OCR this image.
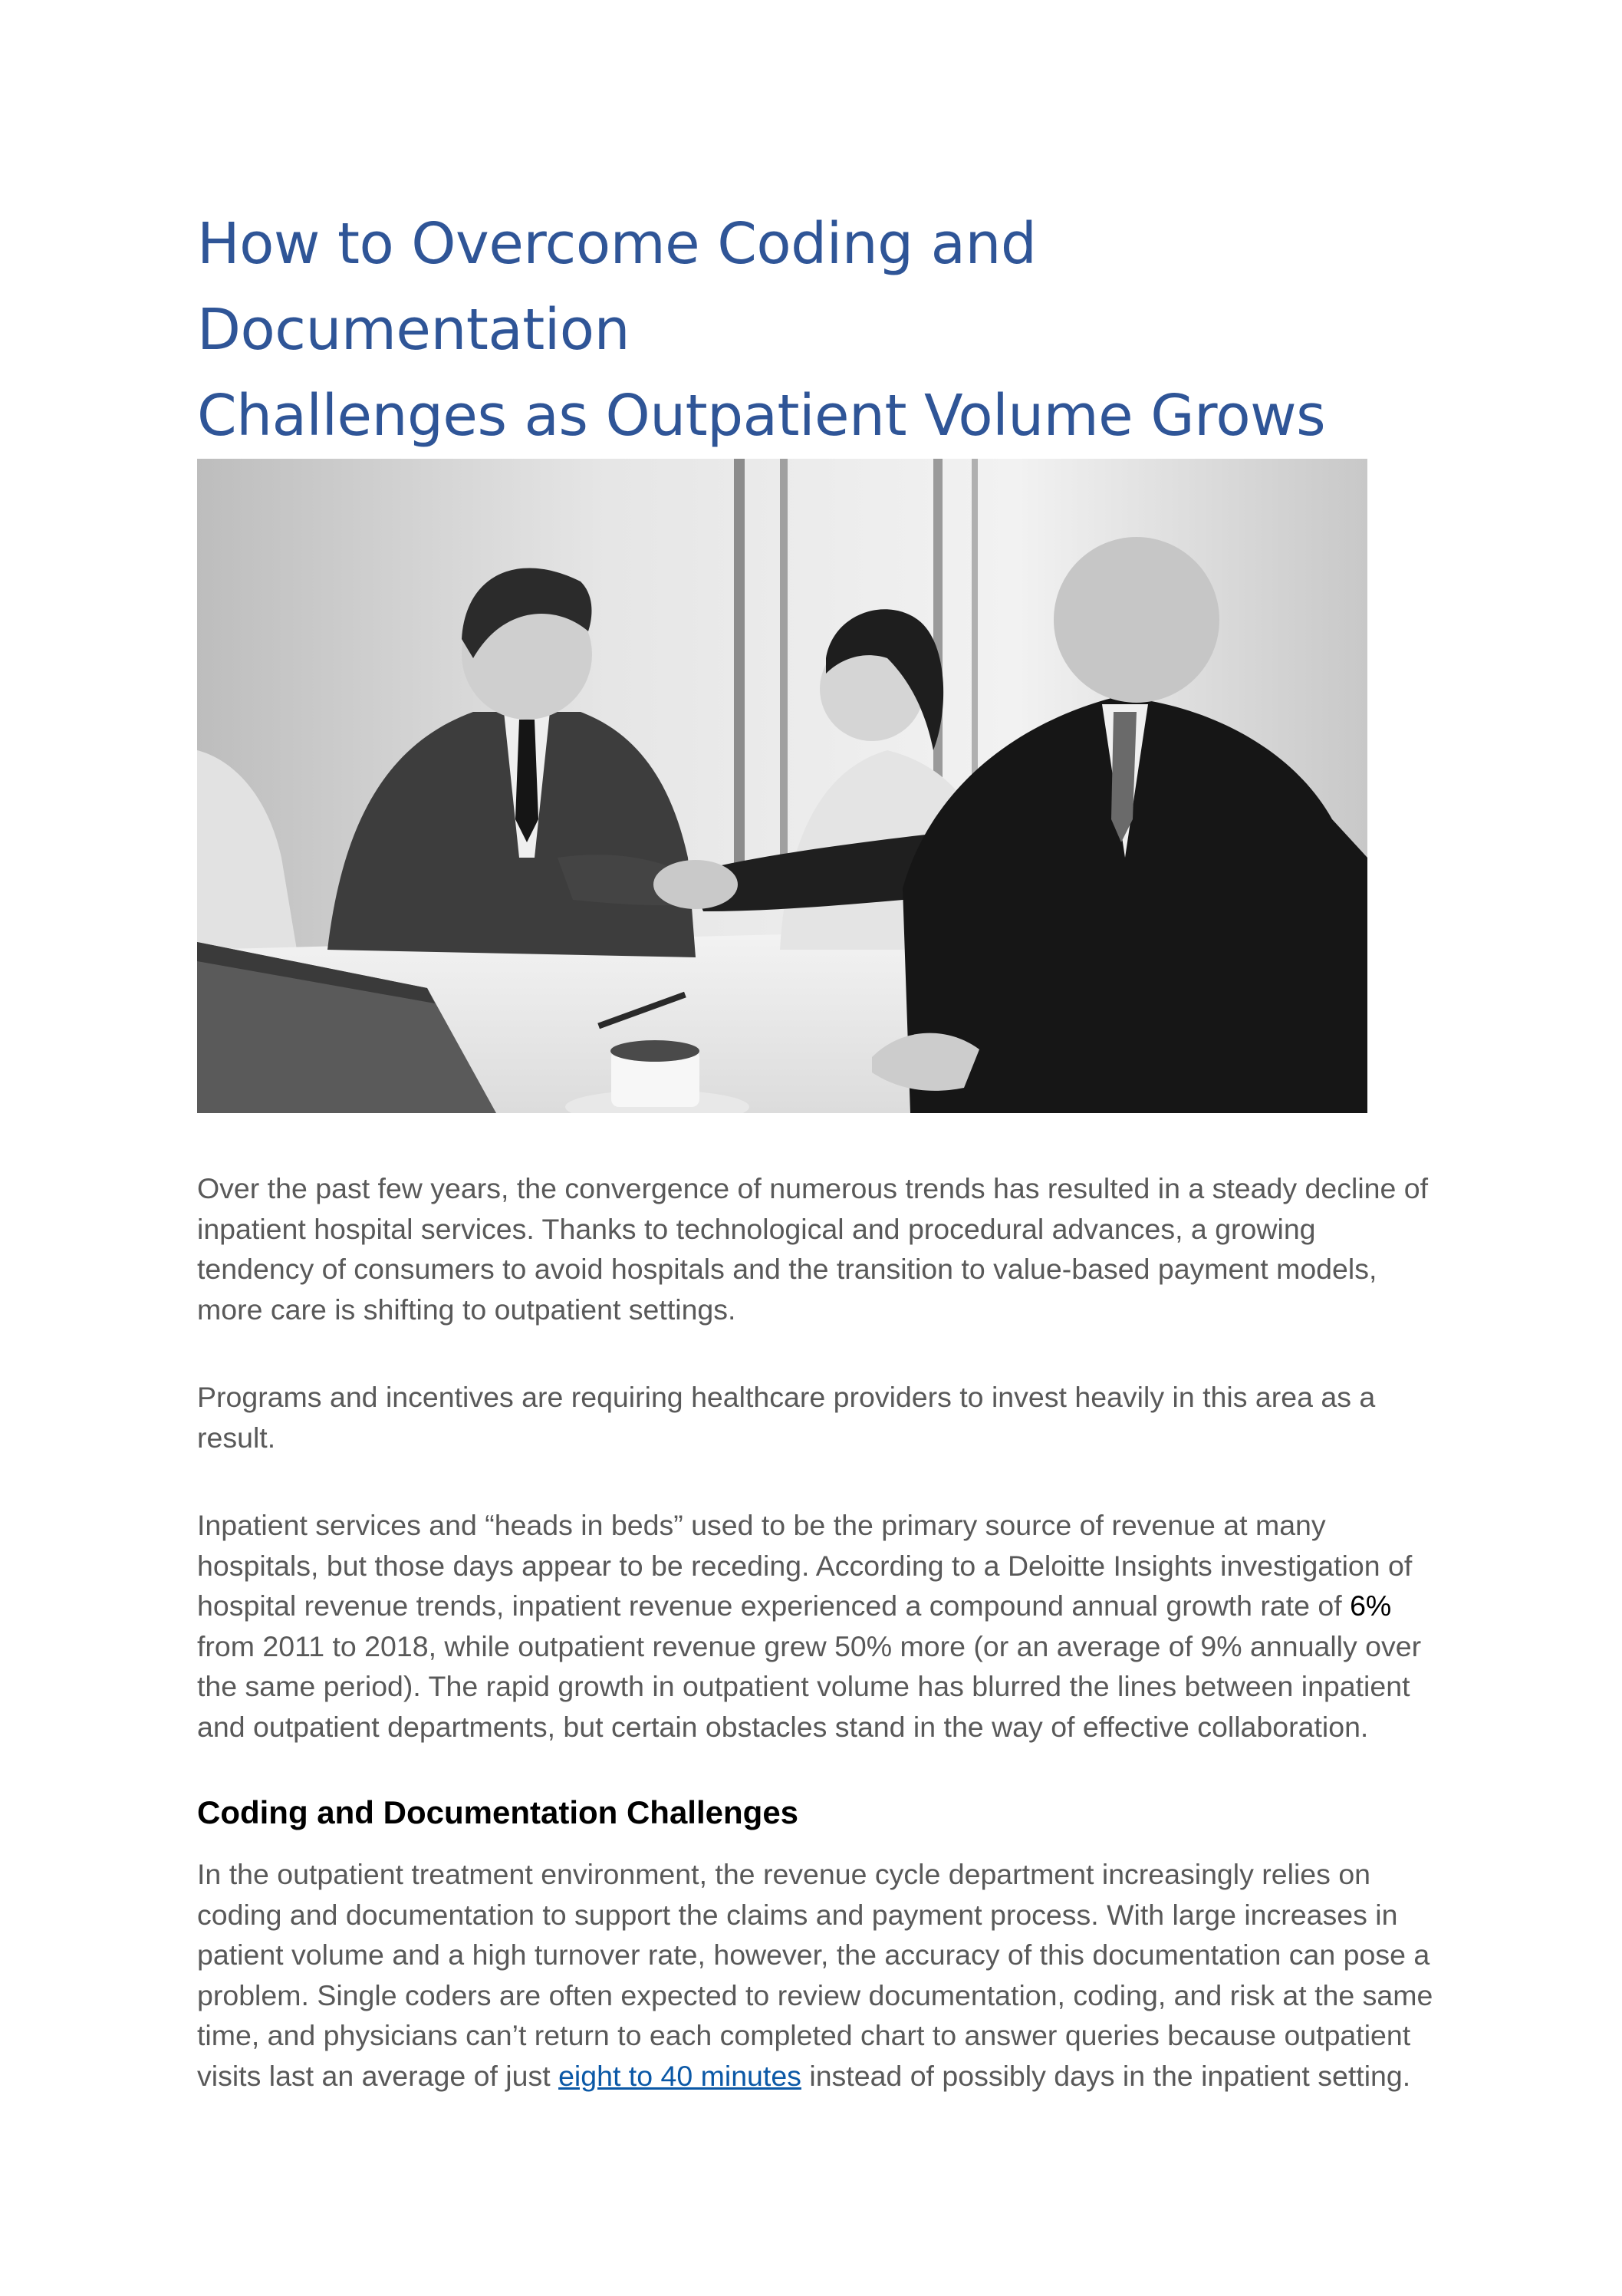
How to Overcome Coding and Documentation
Challenges as Outpatient Volume Grows

Over the past few years, the convergence of numerous trends has resulted in a steady decline of inpatient hospital services. Thanks to technological and procedural advances, a growing tendency of consumers to avoid hospitals and the transition to value-based payment models, more care is shifting to outpatient settings.

Programs and incentives are requiring healthcare providers to invest heavily in this area as a result.

Inpatient services and “heads in beds” used to be the primary source of revenue at many hospitals, but those days appear to be receding. According to a Deloitte Insights investigation of hospital revenue trends, inpatient revenue experienced a compound annual growth rate of 6% from 2011 to 2018, while outpatient revenue grew 50% more (or an average of 9% annually over the same period). The rapid growth in outpatient volume has blurred the lines between inpatient and outpatient departments, but certain obstacles stand in the way of effective collaboration.

Coding and Documentation Challenges

In the outpatient treatment environment, the revenue cycle department increasingly relies on coding and documentation to support the claims and payment process. With large increases in patient volume and a high turnover rate, however, the accuracy of this documentation can pose a problem. Single coders are often expected to review documentation, coding, and risk at the same time, and physicians can’t return to each completed chart to answer queries because outpatient visits last an average of just eight to 40 minutes instead of possibly days in the inpatient setting.
